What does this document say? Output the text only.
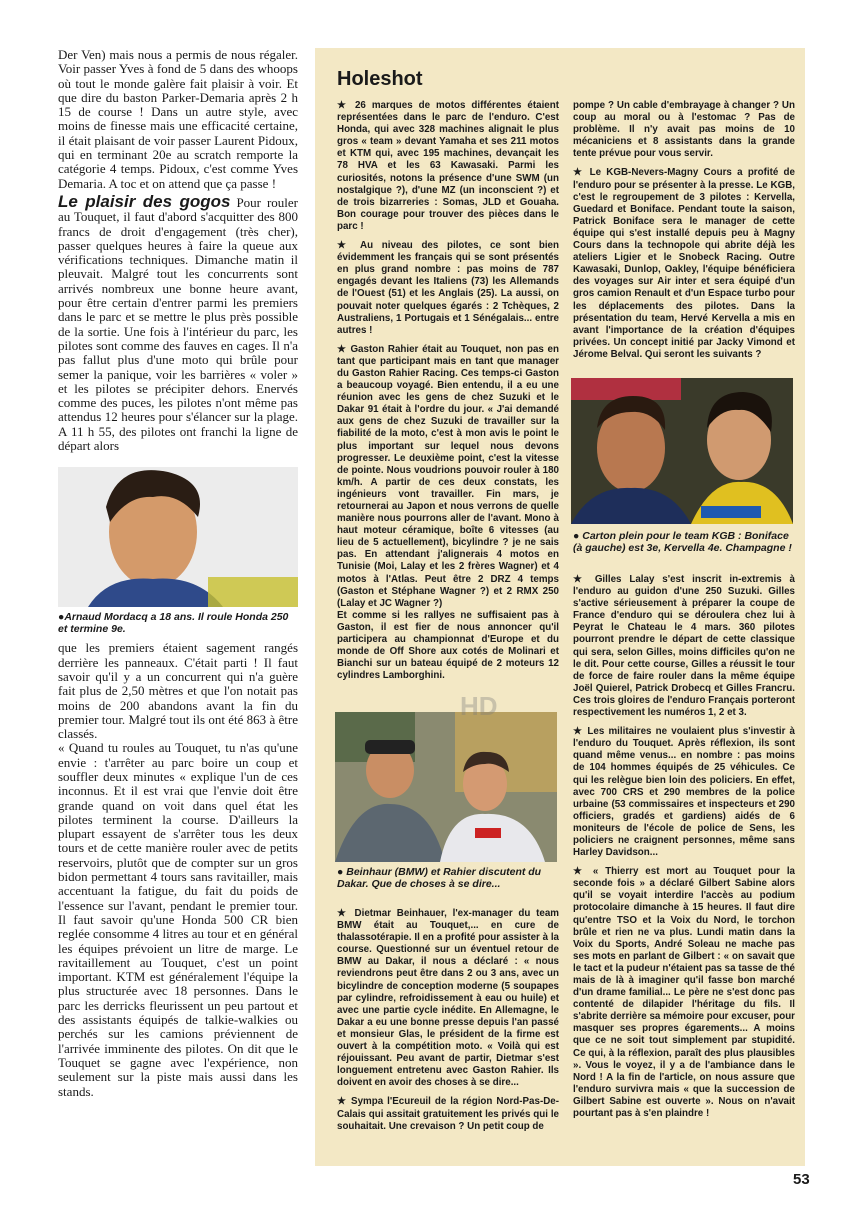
Der Ven) mais nous a permis de nous régaler. Voir passer Yves à fond de 5 dans des whoops où tout le monde galère fait plaisir à voir. Et que dire du baston Parker-Demaria après 2 h 15 de course ! Dans un autre style, avec moins de finesse mais une efficacité certaine, il était plaisant de voir passer Laurent Pidoux, qui en terminant 20e au scratch remporte la catégorie 4 temps. Pidoux, c'est comme Yves Demaria. A toc et on attend que ça passe !

Le plaisir des gogos Pour rouler au Touquet, il faut d'abord s'acquitter des 800 francs de droit d'engagement (très cher), passer quelques heures à faire la queue aux vérifications techniques. Dimanche matin il pleuvait. Malgré tout les concurrents sont arrivés nombreux une bonne heure avant, pour être certain d'entrer parmi les premiers dans le parc et se mettre le plus près possible de la sortie. Une fois à l'intérieur du parc, les pilotes sont comme des fauves en cages. Il n'a pas fallut plus d'une moto qui brûle pour semer la panique, voir les barrières « voler » et les pilotes se précipiter dehors. Enervés comme des puces, les pilotes n'ont même pas attendus 12 heures pour s'élancer sur la plage. A 11 h 55, des pilotes ont franchi la ligne de départ alors

●Arnaud Mordacq a 18 ans. Il roule Honda 250 et termine 9e.

que les premiers étaient sagement rangés derrière les panneaux. C'était parti ! Il faut savoir qu'il y a un concurrent qui n'a guère fait plus de 2,50 mètres et que l'on notait pas moins de 200 abandons avant la fin du premier tour. Malgré tout ils ont été 863 à être classés.

« Quand tu roules au Touquet, tu n'as qu'une envie : t'arrêter au parc boire un coup et souffler deux minutes « explique l'un de ces inconnus. Et il est vrai que l'envie doit être grande quand on voit dans quel état les pilotes terminent la course. D'ailleurs la plupart essayent de s'arrêter tous les deux tours et de cette manière rouler avec de petits reservoirs, plutôt que de compter sur un gros bidon permettant 4 tours sans ravitailler, mais accentuant la fatigue, du fait du poids de l'essence sur l'avant, pendant le premier tour. Il faut savoir qu'une Honda 500 CR bien reglée consomme 4 litres au tour et en général les équipes prévoient un litre de marge. Le ravitaillement au Touquet, c'est un point important. KTM est généralement l'équipe la plus structurée avec 18 personnes. Dans le parc les derricks fleurissent un peu partout et des assistants équipés de talkie-walkies ou perchés sur les camions préviennent de l'arrivée imminente des pilotes. On dit que le Touquet se gagne avec l'expérience, non seulement sur la piste mais aussi dans les stands.

Holeshot

★ 26 marques de motos différentes étaient représentées dans le parc de l'enduro. C'est Honda, qui avec 328 machines alignait le plus gros « team » devant Yamaha et ses 211 motos et KTM qui, avec 195 machines, devançait les 78 HVA et les 63 Kawasaki. Parmi les curiosités, notons la présence d'une SWM (un nostalgique ?), d'une MZ (un inconscient ?) et de trois bizarreries : Somas, JLD et Gouaha. Bon courage pour trouver des pièces dans le parc !

★ Au niveau des pilotes, ce sont bien évidemment les français qui se sont présentés en plus grand nombre : pas moins de 787 engagés devant les Italiens (73) les Allemands de l'Ouest (51) et les Anglais (25). La aussi, on pouvait noter quelques égarés : 2 Tchèques, 2 Australiens, 1 Portugais et 1 Sénégalais... entre autres !

★ Gaston Rahier était au Touquet, non pas en tant que participant mais en tant que manager du Gaston Rahier Racing. Ces temps-ci Gaston a beaucoup voyagé. Bien entendu, il a eu une réunion avec les gens de chez Suzuki et le Dakar 91 était à l'ordre du jour. « J'ai demandé aux gens de chez Suzuki de travailler sur la fiabilité de la moto, c'est à mon avis le point le plus important sur lequel nous devons progresser. Le deuxième point, c'est la vitesse de pointe. Nous voudrions pouvoir rouler à 180 km/h. A partir de ces deux constats, les ingénieurs vont travailler. Fin mars, je retournerai au Japon et nous verrons de quelle manière nous pourrons aller de l'avant. Mono à haut moteur céramique, boîte 6 vitesses (au lieu de 5 actuellement), bicylindre ? je ne sais pas. En attendant j'alignerais 4 motos en Tunisie (Moi, Lalay et les 2 frères Wagner) et 4 motos à l'Atlas. Peut être 2 DRZ 4 temps (Gaston et Stéphane Wagner ?) et 2 RMX 250 (Lalay et JC Wagner ?)

Et comme si les rallyes ne suffisaient pas à Gaston, il est fier de nous annoncer qu'il participera au championnat d'Europe et du monde de Off Shore aux cotés de Molinari et Bianchi sur un bateau équipé de 2 moteurs 12 cylindres Lamborghini.

HD

● Beinhaur (BMW) et Rahier discutent du Dakar. Que de choses à se dire...

★ Dietmar Beinhauer, l'ex-manager du team BMW était au Touquet,... en cure de thalassotérapie. Il en a profité pour assister à la course. Questionné sur un éventuel retour de BMW au Dakar, il nous a déclaré : « nous reviendrons peut être dans 2 ou 3 ans, avec un bicylindre de conception moderne (5 soupapes par cylindre, refroidissement à eau ou huile) et avec une partie cycle inédite. En Allemagne, le Dakar a eu une bonne presse depuis l'an passé et monsieur Glas, le président de la firme est ouvert à la compétition moto. « Voilà qui est réjouissant. Peu avant de partir, Dietmar s'est longuement entretenu avec Gaston Rahier. Ils doivent en avoir des choses à se dire...

★ Sympa l'Ecureuil de la région Nord-Pas-De-Calais qui assitait gratuitement les privés qui le souhaitait. Une crevaison ? Un petit coup de

pompe ? Un cable d'embrayage à changer ? Un coup au moral ou à l'estomac ? Pas de problème. Il n'y avait pas moins de 10 mécaniciens et 8 assistants dans la grande tente prévue pour vous servir.

★ Le KGB-Nevers-Magny Cours a profité de l'enduro pour se présenter à la presse. Le KGB, c'est le regroupement de 3 pilotes : Kervella, Guedard et Boniface. Pendant toute la saison, Patrick Boniface sera le manager de cette équipe qui s'est installé depuis peu à Magny Cours dans la technopole qui abrite déjà les ateliers Ligier et le Snobeck Racing. Outre Kawasaki, Dunlop, Oakley, l'équipe bénéficiera des voyages sur Air inter et sera équipé d'un gros camion Renault et d'un Espace turbo pour les déplacements des pilotes. Dans la présentation du team, Hervé Kervella a mis en avant l'importance de la création d'équipes privées. Un concept initié par Jacky Vimond et Jérome Belval. Qui seront les suivants ?

● Carton plein pour le team KGB : Boniface (à gauche) est 3e, Kervella 4e. Champagne !

★ Gilles Lalay s'est inscrit in-extremis à l'enduro au guidon d'une 250 Suzuki. Gilles s'active sérieusement à préparer la coupe de France d'enduro qui se déroulera chez lui à Peyrat le Chateau le 4 mars. 360 pilotes pourront prendre le départ de cette classique qui sera, selon Gilles, moins difficiles qu'on ne le dit. Pour cette course, Gilles a réussit le tour de force de faire rouler dans la même équipe Joël Quierel, Patrick Drobecq et Gilles Francru. Ces trois gloires de l'enduro Français porteront respectivement les numéros 1, 2 et 3.

★ Les militaires ne voulaient plus s'investir à l'enduro du Touquet. Après réflexion, ils sont quand même venus... en nombre : pas moins de 104 hommes équipés de 25 véhicules. Ce qui les relègue bien loin des policiers. En effet, avec 700 CRS et 290 membres de la police urbaine (53 commissaires et inspecteurs et 290 officiers, gradés et gardiens) aidés de 6 moniteurs de l'école de police de Sens, les policiers ne craignent personnes, même sans Harley Davidson...

★ « Thierry est mort au Touquet pour la seconde fois » a déclaré Gilbert Sabine alors qu'il se voyait interdire l'accès au podium protocolaire dimanche à 15 heures. Il faut dire qu'entre TSO et la Voix du Nord, le torchon brûle et rien ne va plus. Lundi matin dans la Voix du Sports, André Soleau ne mache pas ses mots en parlant de Gilbert : « on savait que le tact et la pudeur n'étaient pas sa tasse de thé mais de là à imaginer qu'il fasse bon marché d'un drame familial... Le père ne s'est donc pas contenté de dilapider l'héritage du fils. Il s'abrite derrière sa mémoire pour excuser, pour masquer ses propres égarements... A moins que ce ne soit tout simplement par stupidité. Ce qui, à la réflexion, paraît des plus plausibles ». Vous le voyez, il y a de l'ambiance dans le Nord ! A la fin de l'article, on nous assure que l'enduro survivra mais « que la succession de Gilbert Sabine est ouverte ». Nous on n'avait pourtant pas à s'en plaindre !

53
